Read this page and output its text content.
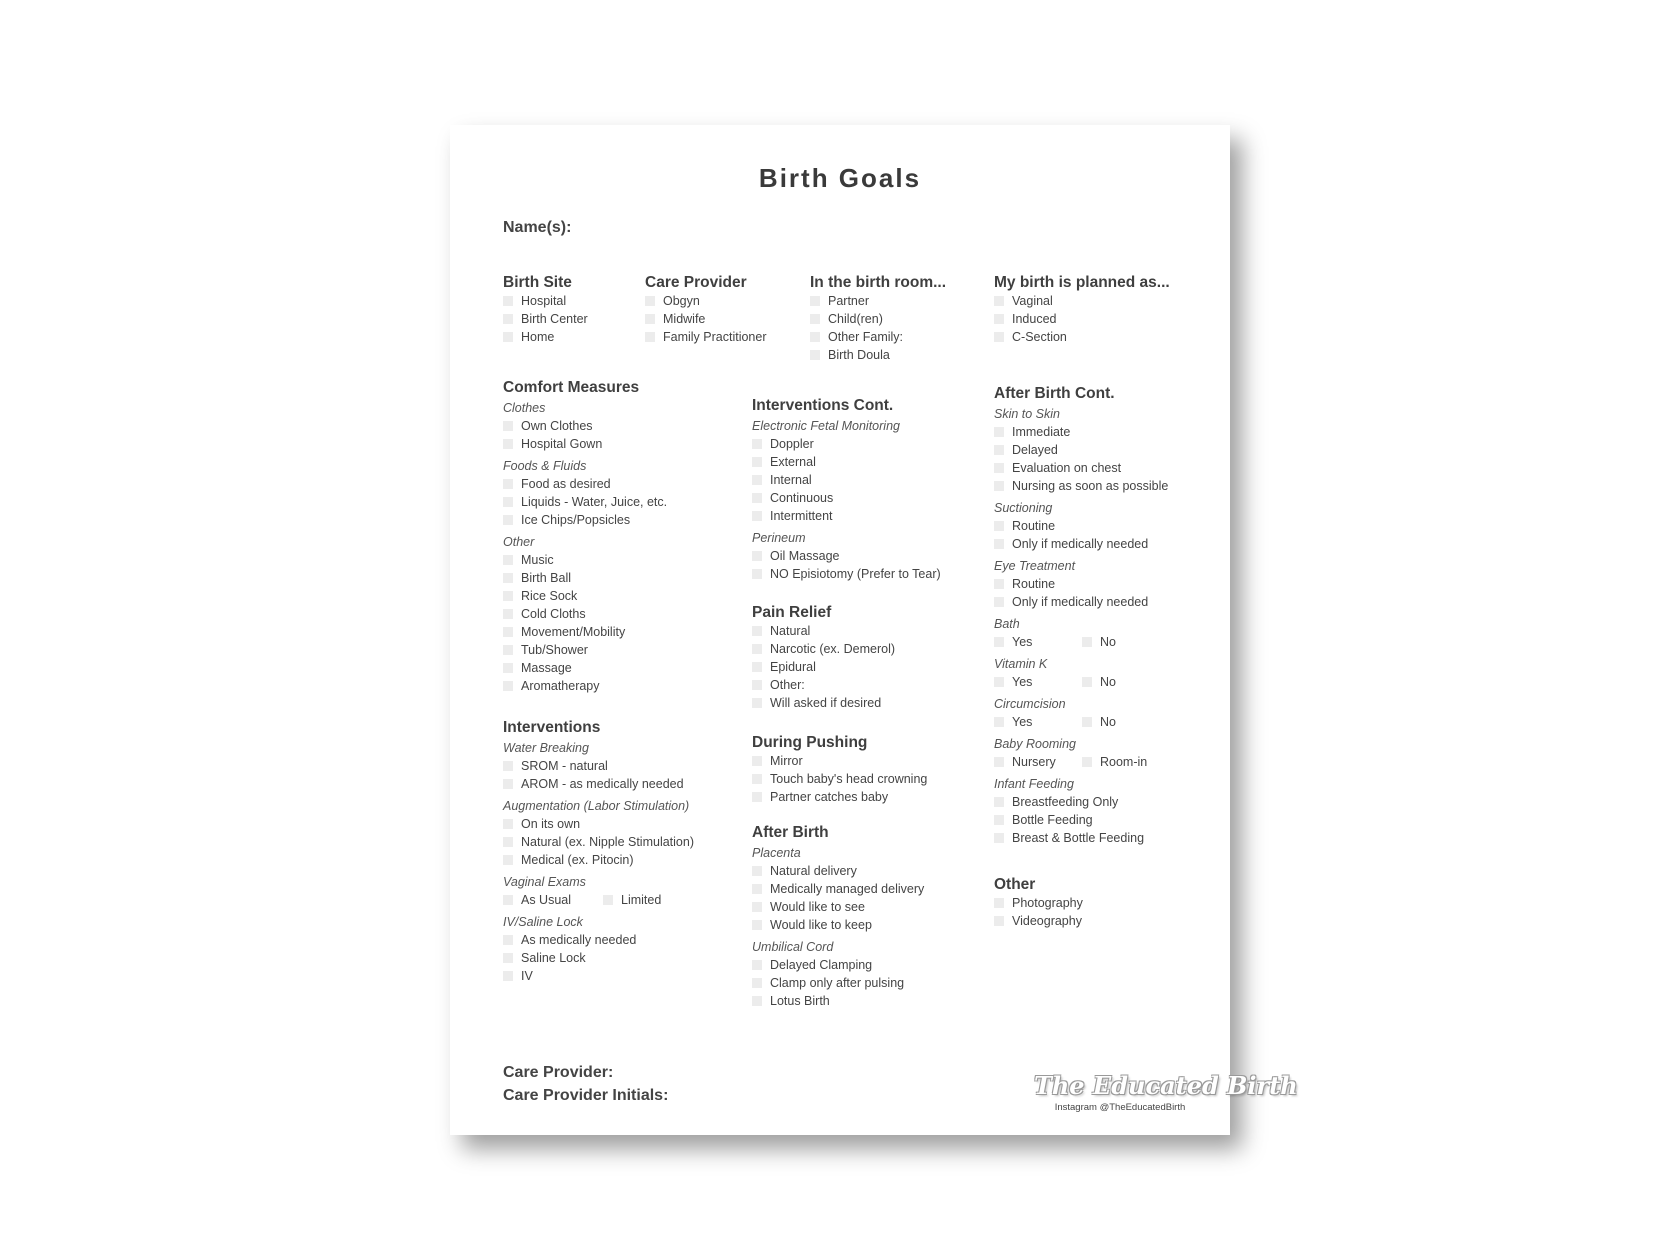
Birth Goals
Name(s):
Birth Site
Hospital
Birth Center
Home
Care Provider
Obgyn
Midwife
Family Practitioner
In the birth room...
Partner
Child(ren)
Other Family:
Birth Doula
My birth is planned as...
Vaginal
Induced
C-Section
Comfort Measures
Clothes
Own Clothes
Hospital Gown
Foods & Fluids
Food as desired
Liquids - Water, Juice, etc.
Ice Chips/Popsicles
Other
Music
Birth Ball
Rice Sock
Cold Cloths
Movement/Mobility
Tub/Shower
Massage
Aromatherapy
Interventions
Water Breaking
SROM - natural
AROM - as medically needed
Augmentation (Labor Stimulation)
On its own
Natural (ex. Nipple Stimulation)
Medical (ex. Pitocin)
Vaginal Exams
As Usual	Limited
IV/Saline Lock
As medically needed
Saline Lock
IV
Interventions Cont.
Electronic Fetal Monitoring
Doppler
External
Internal
Continuous
Intermittent
Perineum
Oil Massage
NO Episiotomy (Prefer to Tear)
Pain Relief
Natural
Narcotic (ex. Demerol)
Epidural
Other:
Will asked if desired
During Pushing
Mirror
Touch baby's head crowning
Partner catches baby
After Birth
Placenta
Natural delivery
Medically managed delivery
Would like to see
Would like to keep
Umbilical Cord
Delayed Clamping
Clamp only after pulsing
Lotus Birth
After Birth Cont.
Skin to Skin
Immediate
Delayed
Evaluation on chest
Nursing as soon as possible
Suctioning
Routine
Only if medically needed
Eye Treatment
Routine
Only if medically needed
Bath
Yes	No
Vitamin K
Yes	No
Circumcision
Yes	No
Baby Rooming
Nursery	Room-in
Infant Feeding
Breastfeeding Only
Bottle Feeding
Breast & Bottle Feeding
Other
Photography
Videography
Care Provider:
Care Provider Initials:	The Educated Birth
Instagram @TheEducatedBirth
